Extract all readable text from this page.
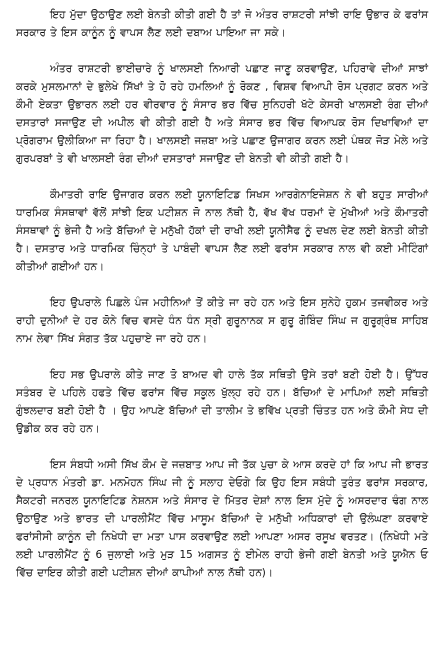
ਇਹ ਮੁੱਦਾ ਉਠਾਉਣ ਲਈ ਬੇਨਤੀ ਕੀਤੀ ਗਈ ਹੈ ਤਾਂ ਜੋ ਅੰਤਰ ਰਾਸ਼ਟਰੀ ਸਾਂਝੀ ਰਾਇ ਉਭਾਰ ਕੇ ਫਰਾਂਸ ਸਰਕਾਰ ਤੇ ਇਸ ਕਾਨੂੰਨ ਨੂੰ ਵਾਪਸ ਲੈਣ ਲਈ ਦਬਾਅ ਪਾਇਆ ਜਾ ਸਕੇ।

ਅੰਤਰ ਰਾਸ਼ਟਰੀ ਭਾਈਚਾਰੇ ਨੂੰ ਖਾਲਸਈ ਨਿਆਰੀ ਪਛਾਣ ਜਾਣੂ ਕਰਵਾਉਣ, ਪਹਿਰਾਵੇ ਦੀਆਂ ਸਾਝਾਂ ਕਰਕੇ ਮੁਸਲਮਾਨਾਂ ਦੇ ਭੁਲੇਖੇ ਸਿੱਖਾਂ ਤੇ ਹੋ ਰਹੇ ਹਮਲਿਆਂ ਨੂੰ ਰੋਕਣ , ਵਿਸ਼ਵ ਵਿਆਪੀ ਰੋਸ ਪ੍ਰਗਟ ਕਰਨ ਅਤੇ ਕੌਮੀ ਏਕਤਾ ਉਭਾਰਨ ਲਈ ਹਰ ਵੀਰਵਾਰ ਨੂੰ ਸੰਸਾਰ ਭਰ ਵਿੱਚ ਸੁਨਿਹਰੀ ਖੱਟੇ ਕੇਸਰੀ ਖਾਲਸਈ ਰੰਗ ਦੀਆਂ ਦਸਤਾਰਾਂ ਸਜਾਉਣ ਦੀ ਅਪੀਲ ਵੀ ਕੀਤੀ ਗਈ ਹੈ ਅਤੇ ਸੰਸਾਰ ਭਰ ਵਿੱਚ ਵਿਆਪਕ ਰੋਸ ਦਿਖਾਵਿਆਂ ਦਾ ਪ੍ਰੋਗਰਾਮ ਉਲੀਕਿਆ ਜਾ ਰਿਹਾ ਹੈ। ਖਾਲਸਈ ਜਜ਼ਬਾ ਅਤੇ ਪਛਾਣ ਉਜਾਗਰ ਕਰਨ ਲਈ ਪੰਥਕ ਜੋੜ ਮੇਲੇ ਅਤੇ ਗੁਰਪਰਬਾਂ ਤੇ ਵੀ ਖਾਲਸਈ ਰੰਗ ਦੀਆਂ ਦਸਤਾਰਾਂ ਸਜਾਉਣ ਦੀ ਬੇਨਤੀ ਵੀ ਕੀਤੀ ਗਈ ਹੈ।

ਕੌਮਾਤਰੀ ਰਾਇ ਉਜਾਗਰ ਕਰਨ ਲਈ ਯੂਨਾਇਟਿਡ ਸਿਖਸ ਆਰਗੇਨਾਇਜੇਸ਼ਨ ਨੇ ਵੀ ਬਹੁਤ ਸਾਰੀਆਂ ਧਾਰਮਿਕ ਸੰਸਥਾਵਾਂ ਵੱਲੋਂ ਸਾਂਝੀ ਇਕ ਪਟੀਸ਼ਨ ਜੋ ਨਾਲ ਨੱਥੀ ਹੈ, ਵੱਖ ਵੱਖ ਧਰਮਾਂ ਦੇ ਮੁੱਖੀਆਂ ਅਤੇ ਕੌਮਾਤਰੀ ਸੰਸਥਾਵਾਂ ਨੂੰ ਭੇਜੀ ਹੈ ਅਤੇ ਬੱਚਿਆਂ ਦੇ ਮਨੁੱਖੀ ਹੱਕਾਂ ਦੀ ਰਾਖੀ ਲਈ ਯੂਨੀਸੈਫ ਨੂੰ ਦਖਲ ਦੇਣ ਲਈ ਬੇਨਤੀ ਕੀਤੀ ਹੈ। ਦਸਤਾਰ ਅਤੇ ਧਾਰਮਿਕ ਚਿੰਨ੍ਹਾਂ ਤੇ ਪਾਬੰਦੀ ਵਾਪਸ ਲੈਣ ਲਈ ਫਰਾਂਸ ਸਰਕਾਰ ਨਾਲ ਵੀ ਕਈ ਮੀਟਿੰਗਾਂ ਕੀਤੀਆਂ ਗਈਆਂ ਹਨ।

ਇਹ ਉਪਰਾਲੇ ਪਿਛਲੇ ਪੰਜ ਮਹੀਨਿਆਂ ਤੋਂ ਕੀਤੇ ਜਾ ਰਹੇ ਹਨ ਅਤੇ ਇਸ ਸੁਨੇਹੇ ਹੁਕਮ ਤਜਵੀਕਰ ਅਤੇ ਰਾਹੀ ਦੁਨੀਆਂ ਦੇ ਹਰ ਕੋਨੇ ਵਿਚ ਵਸਦੇ ਧੰਨ ਧੰਨ ਸ੍ਰੀ ਗੁਰੂਨਾਨਕ ਸ ਗੁਰੂ ਗੋਬਿੰਦ ਸਿੰਘ ਜ ਗੁਰੂਗ੍ਰੰਥ ਸਾਹਿਬ ਨਾਮ ਲੇਵਾ ਸਿੱਖ ਸੰਗਤ ਤੱਕ ਪਹੁਚਾਏ ਜਾ ਰਹੇ ਹਨ।

ਇਹ ਸਭ ਉਪਰਾਲੇ ਕੀਤੇ ਜਾਣ ਤੋ ਬਾਅਦ ਵੀ ਹਾਲੇ ਤੱਕ ਸਥਿਤੀ ਉਸੇ ਤਰਾਂ ਬਣੀ ਹੋਈ ਹੈ। ਉੱਧਰ ਸਤੰਬਰ ਦੇ ਪਹਿਲੇ ਹਫਤੇ ਵਿੱਚ ਫਰਾਂਸ ਵਿੱਚ ਸਕੂਲ ਖੁੱਲ੍ਹ ਰਹੇ ਹਨ। ਬੱਚਿਆਂ ਦੇ ਮਾਪਿਆਂ ਲਈ ਸਥਿਤੀ ਗੁੰਝਲਦਾਰ ਬਣੀ ਹੋਈ ਹੈ । ਉਹ ਆਪਣੇ ਬੱਚਿਆਂ ਦੀ ਤਾਲੀਮ ਤੇ ਭਵਿੱਖ ਪ੍ਰਤੀ ਚਿੰਤਤ ਹਨ ਅਤੇ ਕੌਮੀ ਸੇਧ ਦੀ ਉਡੀਕ ਕਰ ਰਹੇ ਹਨ।

ਇਸ ਸੰਬਧੀ ਅਸੀ ਸਿੱਖ ਕੌਮ ਦੇ ਜਜ਼ਬਾਤ ਆਪ ਜੀ ਤੱਕ ਪੁਚਾ ਕੇ ਆਸ ਕਰਦੇ ਹਾਂ ਕਿ ਆਪ ਜੀ ਭਾਰਤ ਦੇ ਪ੍ਰਧਾਨ ਮੰਤਰੀ ਡਾ. ਮਨਮੋਹਨ ਸਿੰਘ ਜੀ ਨੂੰ ਸਲਾਹ ਦੇਓਗੇ ਕਿ ਉਹ ਇਸ ਸਬੰਧੀ ਤੁਰੰਤ ਫਰਾਂਸ ਸਰਕਾਰ, ਸੈਕਟਰੀ ਜਨਰਲ ਯੂਨਾਇਟਿਡ ਨੇਸ਼ਨਸ ਅਤੇ ਸੰਸਾਰ ਦੇ ਮਿੱਤਰ ਦੇਸ਼ਾਂ ਨਾਲ ਇਸ ਮੁੱਦੇ ਨੂੰ ਅਸਰਦਾਰ ਢੰਗ ਨਾਲ ਉਠਾਉਣ ਅਤੇ ਭਾਰਤ ਦੀ ਪਾਰਲੀਮੈਂਟ ਵਿੱਚ ਮਾਸੂਮ ਬੱਚਿਆਂ ਦੇ ਮਨੁੱਖੀ ਅਧਿਕਾਰਾਂ ਦੀ ਉਲੰਘਣਾ ਕਰਵਾਏ ਫਰਾਂਸੀਸੀ ਕਾਨੂੰਨ ਦੀ ਨਿਖੇਧੀ ਦਾ ਮਤਾ ਪਾਸ ਕਰਵਾਉਣ ਲਈ ਆਪਣਾ ਅਸਰ ਰਸੂਖ ਵਰਤਣ। (ਨਿਖੇਧੀ ਮਤੇ ਲਈ ਪਾਰਲੀਮੈਂਟ ਨੂੰ 6 ਜੁਲਾਈ ਅਤੇ ਮੁੜ 15 ਅਗਸਤ ਨੂੰ ਈਮੇਲ ਰਾਹੀ ਭੇਜੀ ਗਈ ਬੇਨਤੀ ਅਤੇ ਯੂਐਨ ਓ ਵਿੱਚ ਦਾਇਰ ਕੀਤੀ ਗਈ ਪਟੀਸ਼ਨ ਦੀਆਂ ਕਾਪੀਆਂ ਨਾਲ ਨੱਥੀ ਹਨ)।
